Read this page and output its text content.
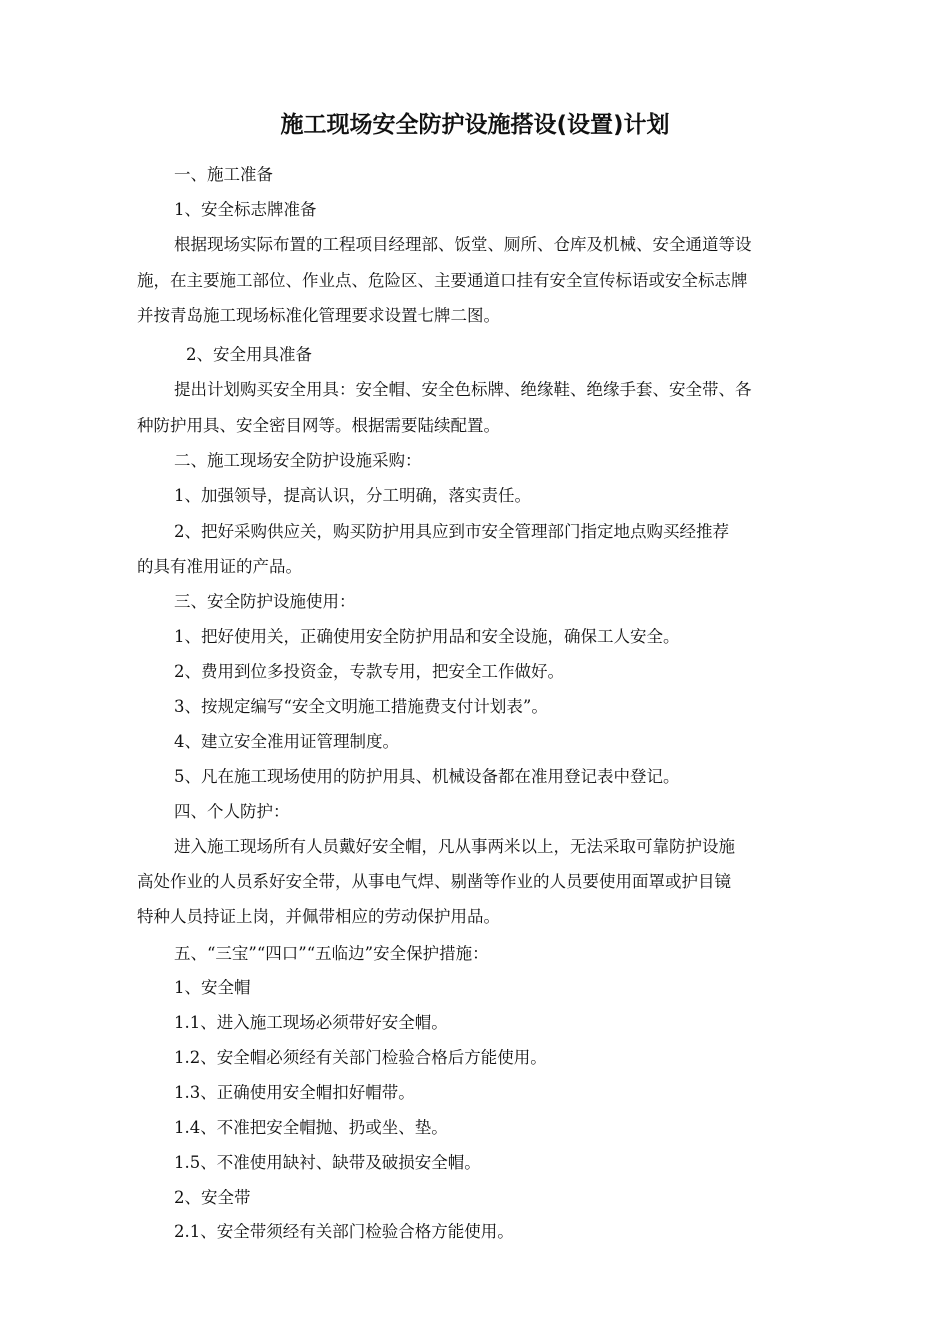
施工现场安全防护设施搭设(设置)计划

一、施工准备

1、安全标志牌准备

根据现场实际布置的工程项目经理部、饭堂、厕所、仓库及机械、安全通道等设

施，在主要施工部位、作业点、危险区、主要通道口挂有安全宣传标语或安全标志牌

并按青岛施工现场标准化管理要求设置七牌二图。

2、安全用具准备

提出计划购买安全用具：安全帽、安全色标牌、绝缘鞋、绝缘手套、安全带、各

种防护用具、安全密目网等。根据需要陆续配置。

二、施工现场安全防护设施采购：

1、加强领导，提高认识，分工明确，落实责任。

2、把好采购供应关，购买防护用具应到市安全管理部门指定地点购买经推荐

的具有准用证的产品。

三、安全防护设施使用：

1、把好使用关，正确使用安全防护用品和安全设施，确保工人安全。

2、费用到位多投资金，专款专用，把安全工作做好。

3、按规定编写“安全文明施工措施费支付计划表”。

4、建立安全准用证管理制度。

5、凡在施工现场使用的防护用具、机械设备都在准用登记表中登记。

四、个人防护：

进入施工现场所有人员戴好安全帽，凡从事两米以上，无法采取可靠防护设施

高处作业的人员系好安全带，从事电气焊、剔凿等作业的人员要使用面罩或护目镜

特种人员持证上岗，并佩带相应的劳动保护用品。

五、“三宝”“四口”“五临边”安全保护措施：

1、安全帽

1.1、进入施工现场必须带好安全帽。

1.2、安全帽必须经有关部门检验合格后方能使用。

1.3、正确使用安全帽扣好帽带。

1.4、不准把安全帽抛、扔或坐、垫。

1.5、不准使用缺衬、缺带及破损安全帽。

2、安全带

2.1、安全带须经有关部门检验合格方能使用。
